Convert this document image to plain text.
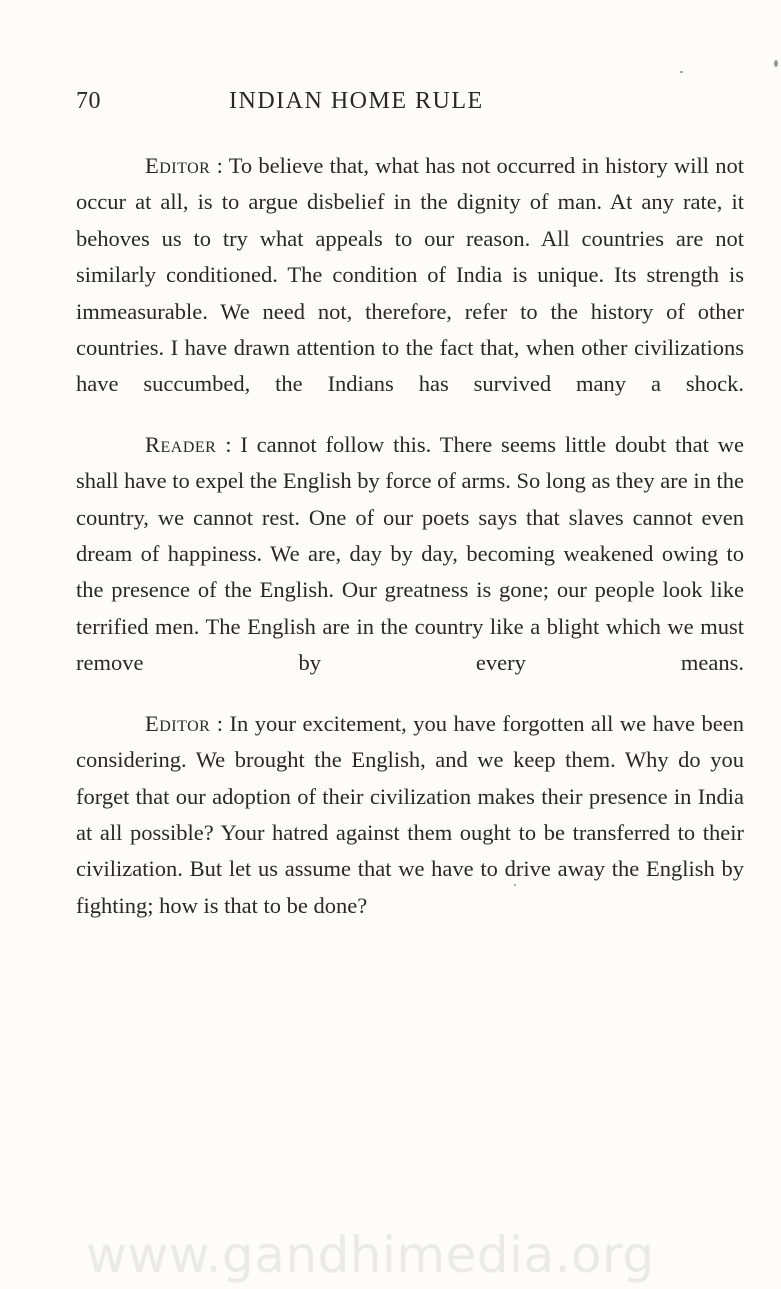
70	INDIAN HOME RULE

Editor : To believe that, what has not occurred in history will not occur at all, is to argue disbelief in the dignity of man. At any rate, it behoves us to try what appeals to our reason. All countries are not similarly conditioned. The condition of India is unique. Its strength is immeasurable. We need not, therefore, refer to the history of other countries. I have drawn attention to the fact that, when other civilizations have succumbed, the Indians has survived many a shock.

Reader : I cannot follow this. There seems little doubt that we shall have to expel the English by force of arms. So long as they are in the country, we cannot rest. One of our poets says that slaves cannot even dream of happiness. We are, day by day, becoming weakened owing to the presence of the English. Our greatness is gone; our people look like terrified men. The English are in the country like a blight which we must remove by every means.

Editor : In your excitement, you have forgotten all we have been considering. We brought the English, and we keep them. Why do you forget that our adoption of their civilization makes their presence in India at all possible? Your hatred against them ought to be transferred to their civilization. But let us assume that we have to drive away the English by fighting; how is that to be done?

www.gandhimedia.org
